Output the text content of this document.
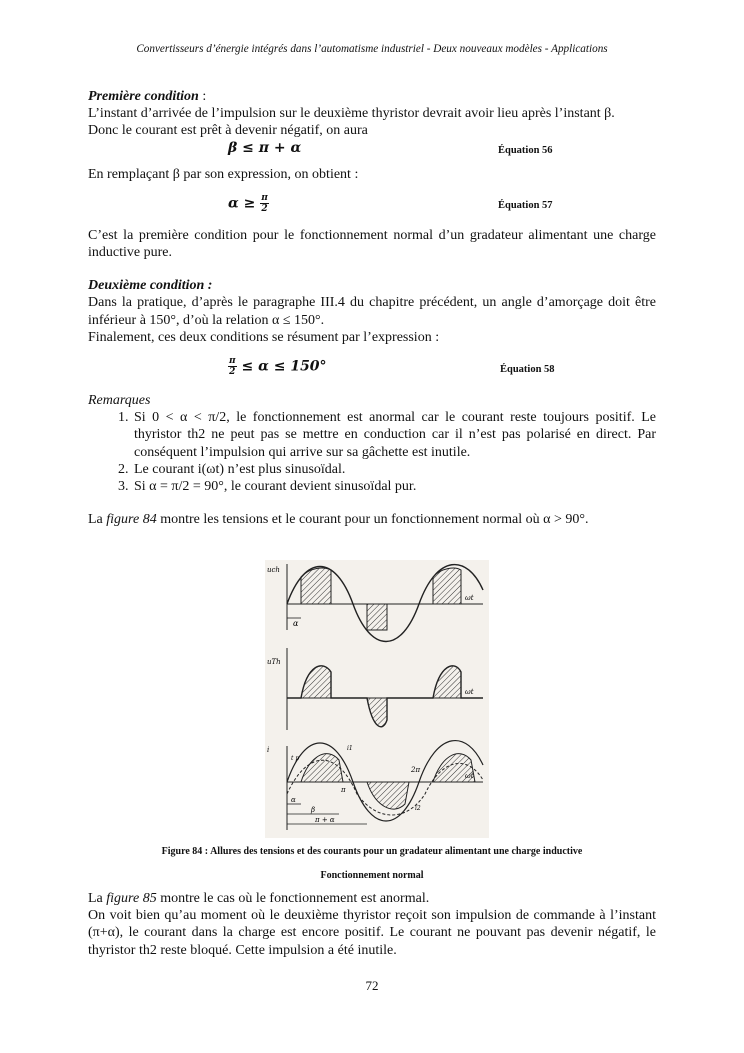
Convertisseurs d’énergie intégrés dans l’automatisme industriel - Deux nouveaux modèles - Applications

Première condition :

L’instant d’arrivée de l’impulsion sur le deuxième thyristor devrait avoir lieu après l’instant β.

Donc le courant est prêt à devenir négatif, on aura

β ≤ π + α	Équation 56

En remplaçant β par son expression, on obtient :

$\alpha \ge \frac{\pi}{2}$	Équation 57

C’est la première condition pour le fonctionnement normal d’un gradateur alimentant une charge inductive pure.

Deuxième condition :

Dans la pratique, d’après le paragraphe III.4 du chapitre précédent, un angle d’amorçage doit être inférieur à 150°, d’où la relation α ≤ 150°.

Finalement, ces deux conditions se résument par l’expression :

$\frac{\pi}{2} \le \alpha \le 150^\circ$	Équation 58

Remarques

1. Si 0 < α < π/2, le fonctionnement est anormal car le courant reste toujours positif. Le thyristor th2 ne peut pas se mettre en conduction car il n’est pas polarisé en direct. Par conséquent l’impulsion qui arrive sur sa gâchette est inutile.
2. Le courant i(ωt) n’est plus sinusoïdal.
3. Si α = π/2 = 90°, le courant devient sinusoïdal pur.

La figure 84 montre les tensions et le courant pour un fonctionnement normal où α > 90°.

α
uch
ωt
uTh
ωt
i
ωt
α
β
π + α
π
2π
i1
i2
t p
Figure 84 : Allures des tensions et des courants pour un gradateur alimentant une charge inductive
Fonctionnement normal

La figure 85 montre le cas où le fonctionnement est anormal.

On voit bien qu’au moment où le deuxième thyristor reçoit son impulsion de commande à l’instant (π+α), le courant dans la charge est encore positif. Le courant ne pouvant pas devenir négatif, le thyristor th2 reste bloqué. Cette impulsion a été inutile.

72
